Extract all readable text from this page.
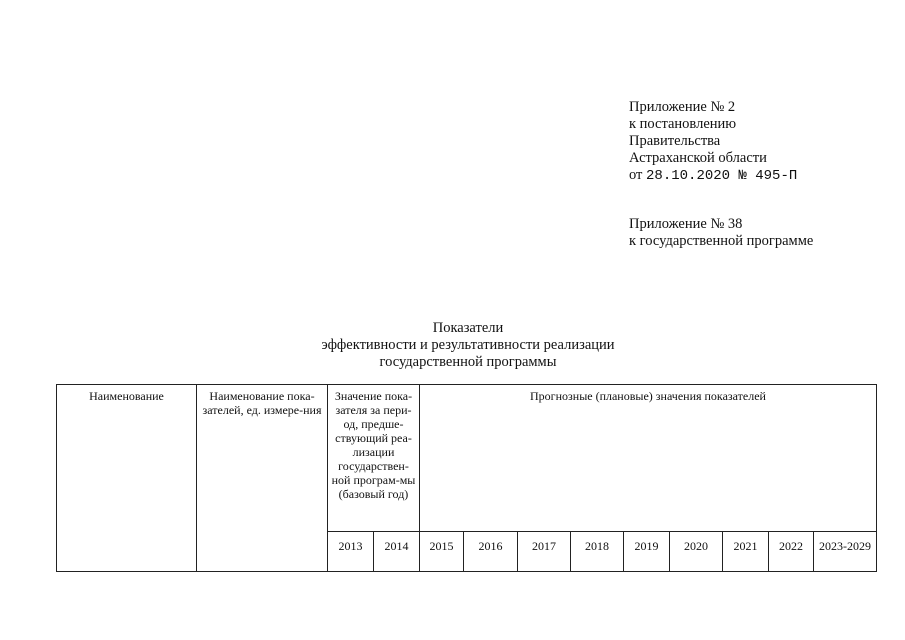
Приложение № 2
к постановлению
Правительства
Астраханской области
от 28.10.2020 № 495-П
Приложение № 38
к государственной программе
Показатели
эффективности и результативности реализации
государственной программы
Наименование	Наименование пока-зателей, ед. измере-ния	Значение пока-зателя за пери-од, предше-ствующий реа-лизации государствен-ной програм-мы (базовый год)		Прогнозные (плановые) значения показателей								
		2013	2014	2015	2016	2017	2018	2019	2020	2021	2022	2023-2029
